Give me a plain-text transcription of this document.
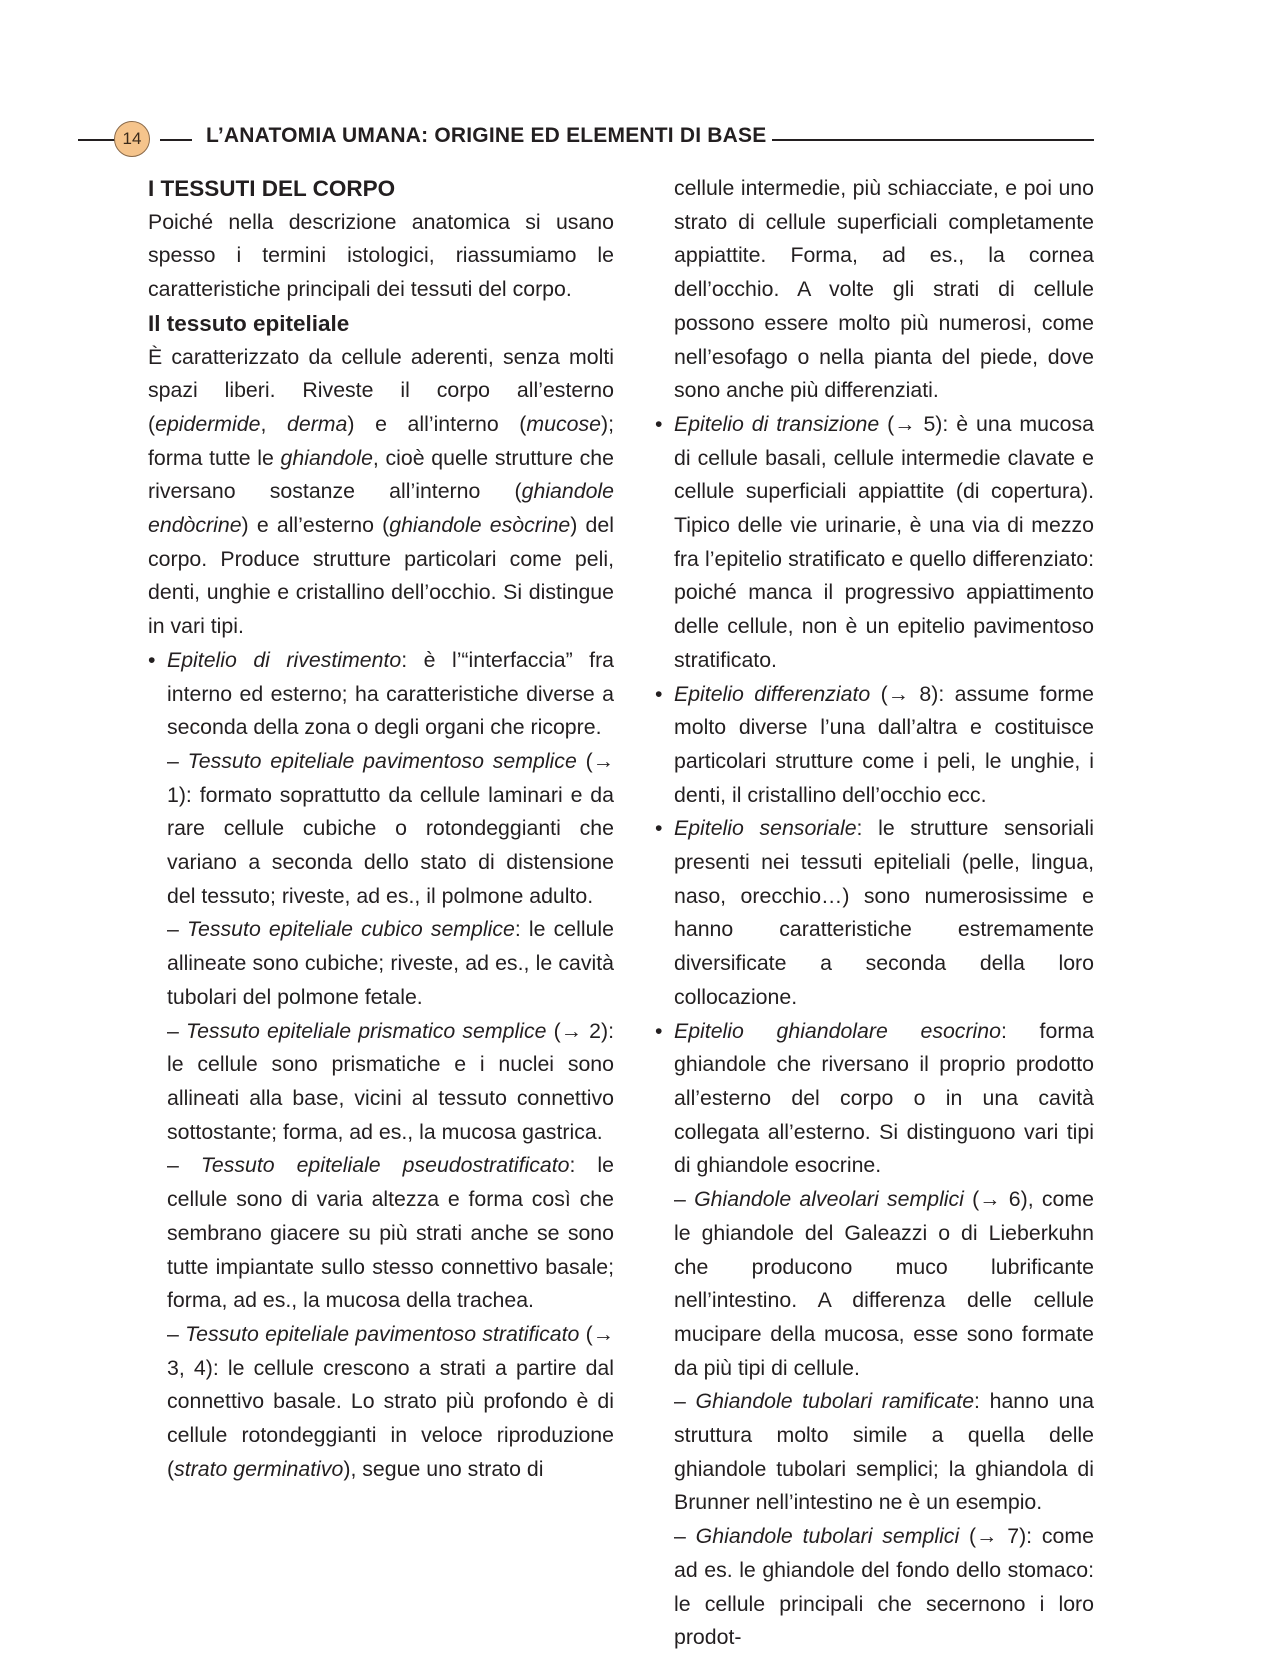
14	L’ANATOMIA UMANA: ORIGINE ED ELEMENTI DI BASE

I TESSUTI DEL CORPO

Poiché nella descrizione anatomica si usano spesso i termini istologici, riassumiamo le caratteristiche principali dei tessuti del corpo.

Il tessuto epiteliale

È caratterizzato da cellule aderenti, senza molti spazi liberi. Riveste il corpo all’esterno (epidermide, derma) e all’interno (mucose); forma tutte le ghiandole, cioè quelle strutture che riversano sostanze all’interno (ghiandole endòcrine) e all’esterno (ghiandole esòcrine) del corpo. Produce strutture particolari come peli, denti, unghie e cristallino dell’occhio. Si distingue in vari tipi.

• Epitelio di rivestimento: è l’“interfaccia” fra interno ed esterno; ha caratteristiche diverse a seconda della zona o degli organi che ricopre.

– Tessuto epiteliale pavimentoso semplice (→ 1): formato soprattutto da cellule laminari e da rare cellule cubiche o rotondeggianti che variano a seconda dello stato di distensione del tessuto; riveste, ad es., il polmone adulto.

– Tessuto epiteliale cubico semplice: le cellule allineate sono cubiche; riveste, ad es., le cavità tubolari del polmone fetale.

– Tessuto epiteliale prismatico semplice (→ 2): le cellule sono prismatiche e i nuclei sono allineati alla base, vicini al tessuto connettivo sottostante; forma, ad es., la mucosa gastrica.

– Tessuto epiteliale pseudostratificato: le cellule sono di varia altezza e forma così che sembrano giacere su più strati anche se sono tutte impiantate sullo stesso connettivo basale; forma, ad es., la mucosa della trachea.

– Tessuto epiteliale pavimentoso stratificato (→ 3, 4): le cellule crescono a strati a partire dal connettivo basale. Lo strato più profondo è di cellule rotondeggianti in veloce riproduzione (strato germinativo), segue uno strato di

cellule intermedie, più schiacciate, e poi uno strato di cellule superficiali completamente appiattite. Forma, ad es., la cornea dell’occhio. A volte gli strati di cellule possono essere molto più numerosi, come nell’esofago o nella pianta del piede, dove sono anche più differenziati.

• Epitelio di transizione (→ 5): è una mucosa di cellule basali, cellule intermedie clavate e cellule superficiali appiattite (di copertura). Tipico delle vie urinarie, è una via di mezzo fra l’epitelio stratificato e quello differenziato: poiché manca il progressivo appiattimento delle cellule, non è un epitelio pavimentoso stratificato.

• Epitelio differenziato (→ 8): assume forme molto diverse l’una dall’altra e costituisce particolari strutture come i peli, le unghie, i denti, il cristallino dell’occhio ecc.

• Epitelio sensoriale: le strutture sensoriali presenti nei tessuti epiteliali (pelle, lingua, naso, orecchio…) sono numerosissime e hanno caratteristiche estremamente diversificate a seconda della loro collocazione.

• Epitelio ghiandolare esocrino: forma ghiandole che riversano il proprio prodotto all’esterno del corpo o in una cavità collegata all’esterno. Si distinguono vari tipi di ghiandole esocrine.

– Ghiandole alveolari semplici (→ 6), come le ghiandole del Galeazzi o di Lieberkuhn che producono muco lubrificante nell’intestino. A differenza delle cellule mucipare della mucosa, esse sono formate da più tipi di cellule.

– Ghiandole tubolari ramificate: hanno una struttura molto simile a quella delle ghiandole tubolari semplici; la ghiandola di Brunner nell’intestino ne è un esempio.

– Ghiandole tubolari semplici (→ 7): come ad es. le ghiandole del fondo dello stomaco: le cellule principali che secernono i loro prodot-
